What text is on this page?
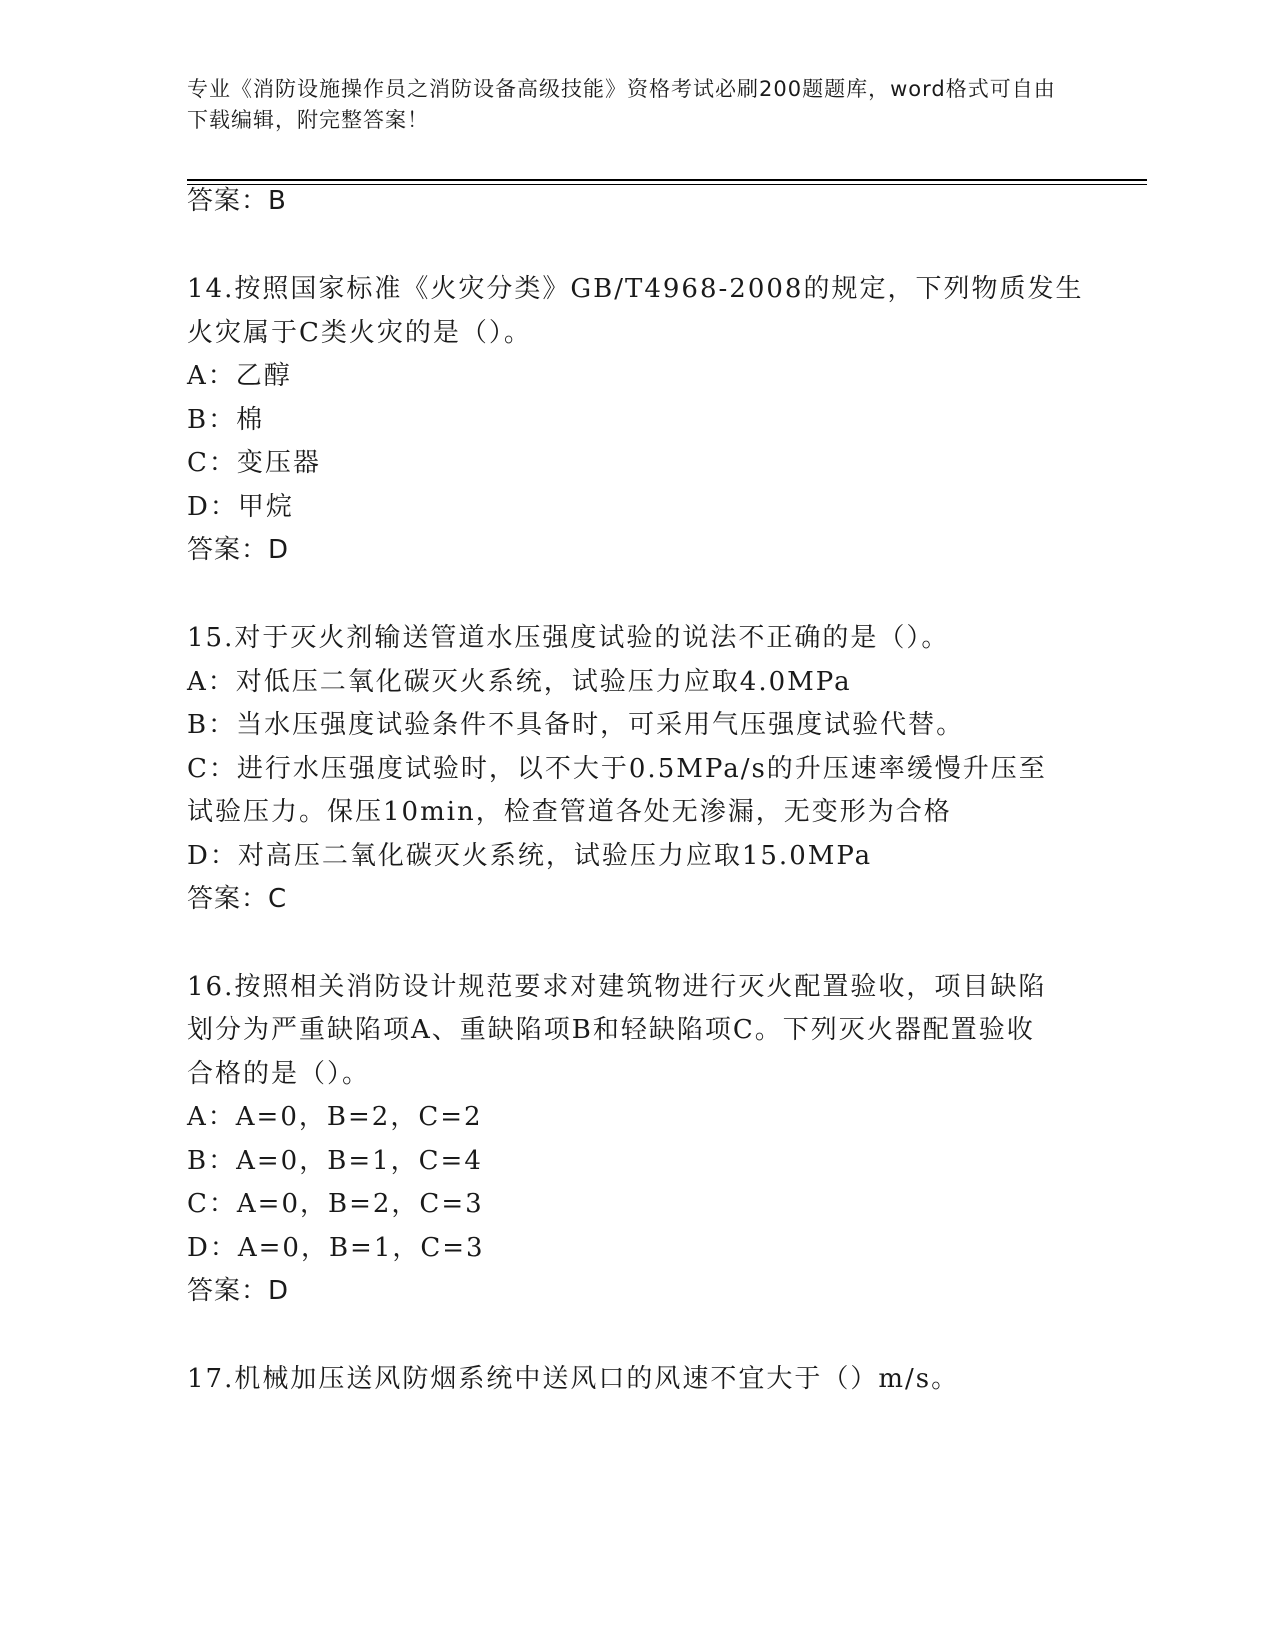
专业《消防设施操作员之消防设备高级技能》资格考试必刷200题题库，word格式可自由下载编辑，附完整答案！
答案：B
14.按照国家标准《火灾分类》GB/T4968-2008的规定，下列物质发生
火灾属于C类火灾的是（）。
A：乙醇
B：棉
C：变压器
D：甲烷
答案：D
15.对于灭火剂输送管道水压强度试验的说法不正确的是（）。
A：对低压二氧化碳灭火系统，试验压力应取4.0MPa
B：当水压强度试验条件不具备时，可采用气压强度试验代替。
C：进行水压强度试验时，以不大于0.5MPa/s的升压速率缓慢升压至
试验压力。保压10min，检查管道各处无渗漏，无变形为合格
D：对高压二氧化碳灭火系统，试验压力应取15.0MPa
答案：C
16.按照相关消防设计规范要求对建筑物进行灭火配置验收，项目缺陷
划分为严重缺陷项A、重缺陷项B和轻缺陷项C。下列灭火器配置验收
合格的是（）。
A：A=0，B=2，C=2
B：A=0，B=1，C=4
C：A=0，B=2，C=3
D：A=0，B=1，C=3
答案：D
17.机械加压送风防烟系统中送风口的风速不宜大于（）m/s。
